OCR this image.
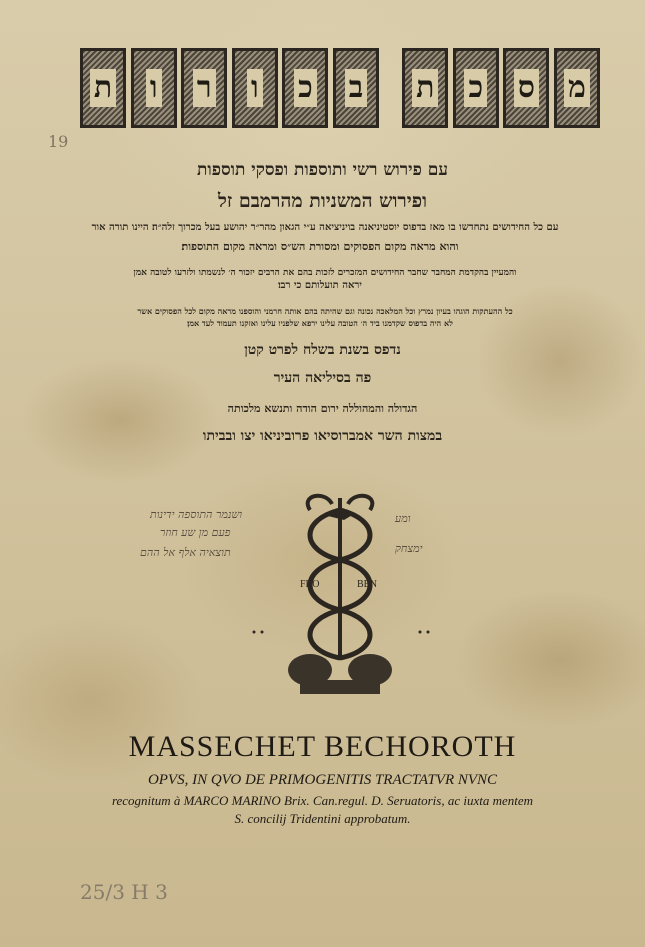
19
מ
ס
כ
ת
ב
כ
ו
ר
ו
ת
עם פירוש רשי ותוספות ופסקי תוספות
ופירוש המשניות מהרמבם זל
עם כל החידושים נתחדשו בו מאז בדפוס יוסטיניאנה בויניציאה ע״י הגאון מהר״ר יהושע בעל מכרוך זלה״ה׃ היינו תורה אור
והוא מראה מקום הפסוקים ומסורת הש״ס ומראה מקום התוספות׃
והמעיין בהקדמת המחבר שחבר החידושים המזכרים לזכות בהם את הרבים יזכור ה׳ לנשמתו ולזרעו לטובה אמן
יראה תועלותם כי רבו׃
כל ההעתקות הוגהו בעיון נמרץ וכל המלאכה נכונה וגם שהיתה בהם אותה חרמני והוספנו מראה מקום לכל הפסוקים אשר
לא היה בדפוס שקדמנו ביד ה׳ הטובה עלינו ירפא שלפניו עלינו ואזקנו תעמוד לעד אמן׃
נדפס בשנת בשלח לפרט קטן
פה בסיליאה העיר
הגדולה והמהוללה ירום הודה ותנשא מלכותה
במצות השר אמברוסיאו פרוביניאו יצו ובביתו
ושנמר התוספה ידינות
פעם מן שע חוזר
תוצאיה אלף אל ההם
ומע
ימצחק
FRO	BEN
MASSECHET BECHOROTH
OPVS, IN QVO DE PRIMOGENITIS TRACTATVR NVNC
recognitum à MARCO MARINO Brix. Can.regul. D. Seruatoris, ac iuxta mentem
S. concilij Tridentini approbatum.
25/3 H 3
